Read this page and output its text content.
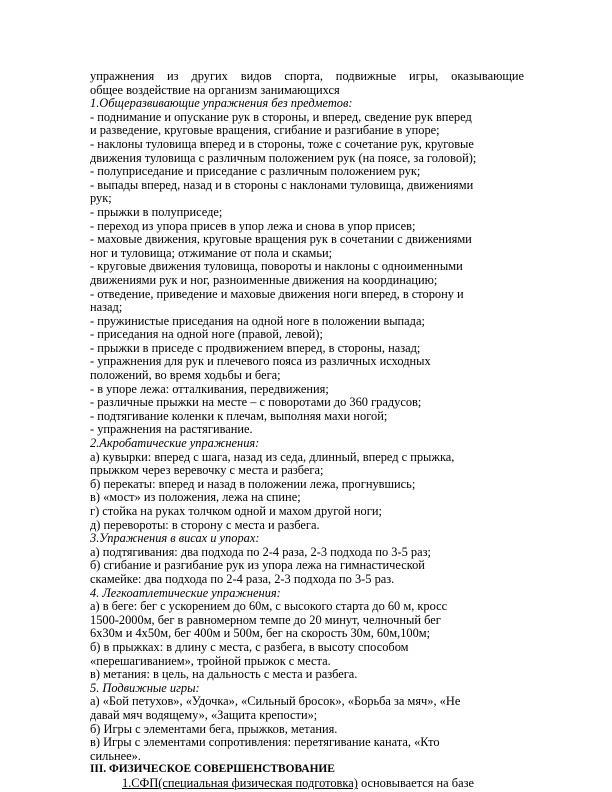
упражнения из других видов спорта, подвижные игры, оказывающие
общее воздействие на организм занимающихся
1.Общеразвивающие упражнения без предметов:
- поднимание и опускание рук в стороны, и вперед, сведение рук вперед
и разведение, круговые вращения, сгибание и разгибание в упоре;
- наклоны туловища вперед и в стороны, тоже с сочетание рук, круговые
движения туловища с различным положением рук (на поясе, за головой);
- полуприседание и приседание с различным положением рук;
- выпады вперед, назад и в стороны с наклонами туловища, движениями
рук;
- прыжки в полуприседе;
- переход из упора присев в упор лежа и снова в упор присев;
- маховые движения, круговые вращения рук в сочетании с движениями
ног и туловища; отжимание от пола и скамьи;
- круговые движения туловища, повороты и наклоны с одноименными
движениями рук и ног, разноименные движения на координацию;
- отведение, приведение и маховые движения ноги вперед, в сторону и
назад;
- пружинистые приседания на одной ноге в положении выпада;
- приседания на одной ноге (правой, левой);
- прыжки в приседе с продвижением вперед, в стороны, назад;
- упражнения для рук и плечевого пояса из различных исходных
положений, во время ходьбы и бега;
- в упоре лежа: отталкивания, передвижения;
- различные прыжки на месте – с поворотами до 360 градусов;
- подтягивание коленки к плечам, выполняя махи ногой;
- упражнения на растягивание.
2.Акробатические упражнения:
а) кувырки: вперед с шага, назад из седа, длинный, вперед с прыжка,
прыжком через веревочку с места и разбега;
б) перекаты: вперед и назад в положении лежа, прогнувшись;
в) «мост» из положения, лежа на спине;
г) стойка на руках толчком одной и махом другой ноги;
д) перевороты: в сторону с места и разбега.
3.Упражнения в висах и упорах:
а) подтягивания: два подхода по 2-4 раза, 2-3 подхода по 3-5 раз;
б) сгибание и разгибание рук из упора лежа на гимнастической
скамейке: два подхода по 2-4 раза, 2-3 подхода по 3-5 раз.
4. Легкоатлетические упражнения:
а) в беге: бег с ускорением до 60м, с высокого старта до 60 м, кросс
1500-2000м, бег в равномерном темпе до 20 минут, челночный бег
6х30м и 4х50м, бег 400м и 500м, бег на скорость 30м, 60м,100м;
б) в прыжках: в длину с места, с разбега, в высоту способом
«перешагиванием», тройной прыжок с места.
в) метания: в цель, на дальность с места и разбега.
5. Подвижные игры:
а) «Бой петухов», «Удочка», «Сильный бросок», «Борьба за мяч», «Не
давай мяч водящему», «Защита крепости»;
б) Игры с элементами бега, прыжков, метания.
в) Игры с элементами сопротивления: перетягивание каната, «Кто
сильнее».
III. ФИЗИЧЕСКОЕ СОВЕРШЕНСТВОВАНИЕ
1.СФП(специальная физическая подготовка) основывается на базе
